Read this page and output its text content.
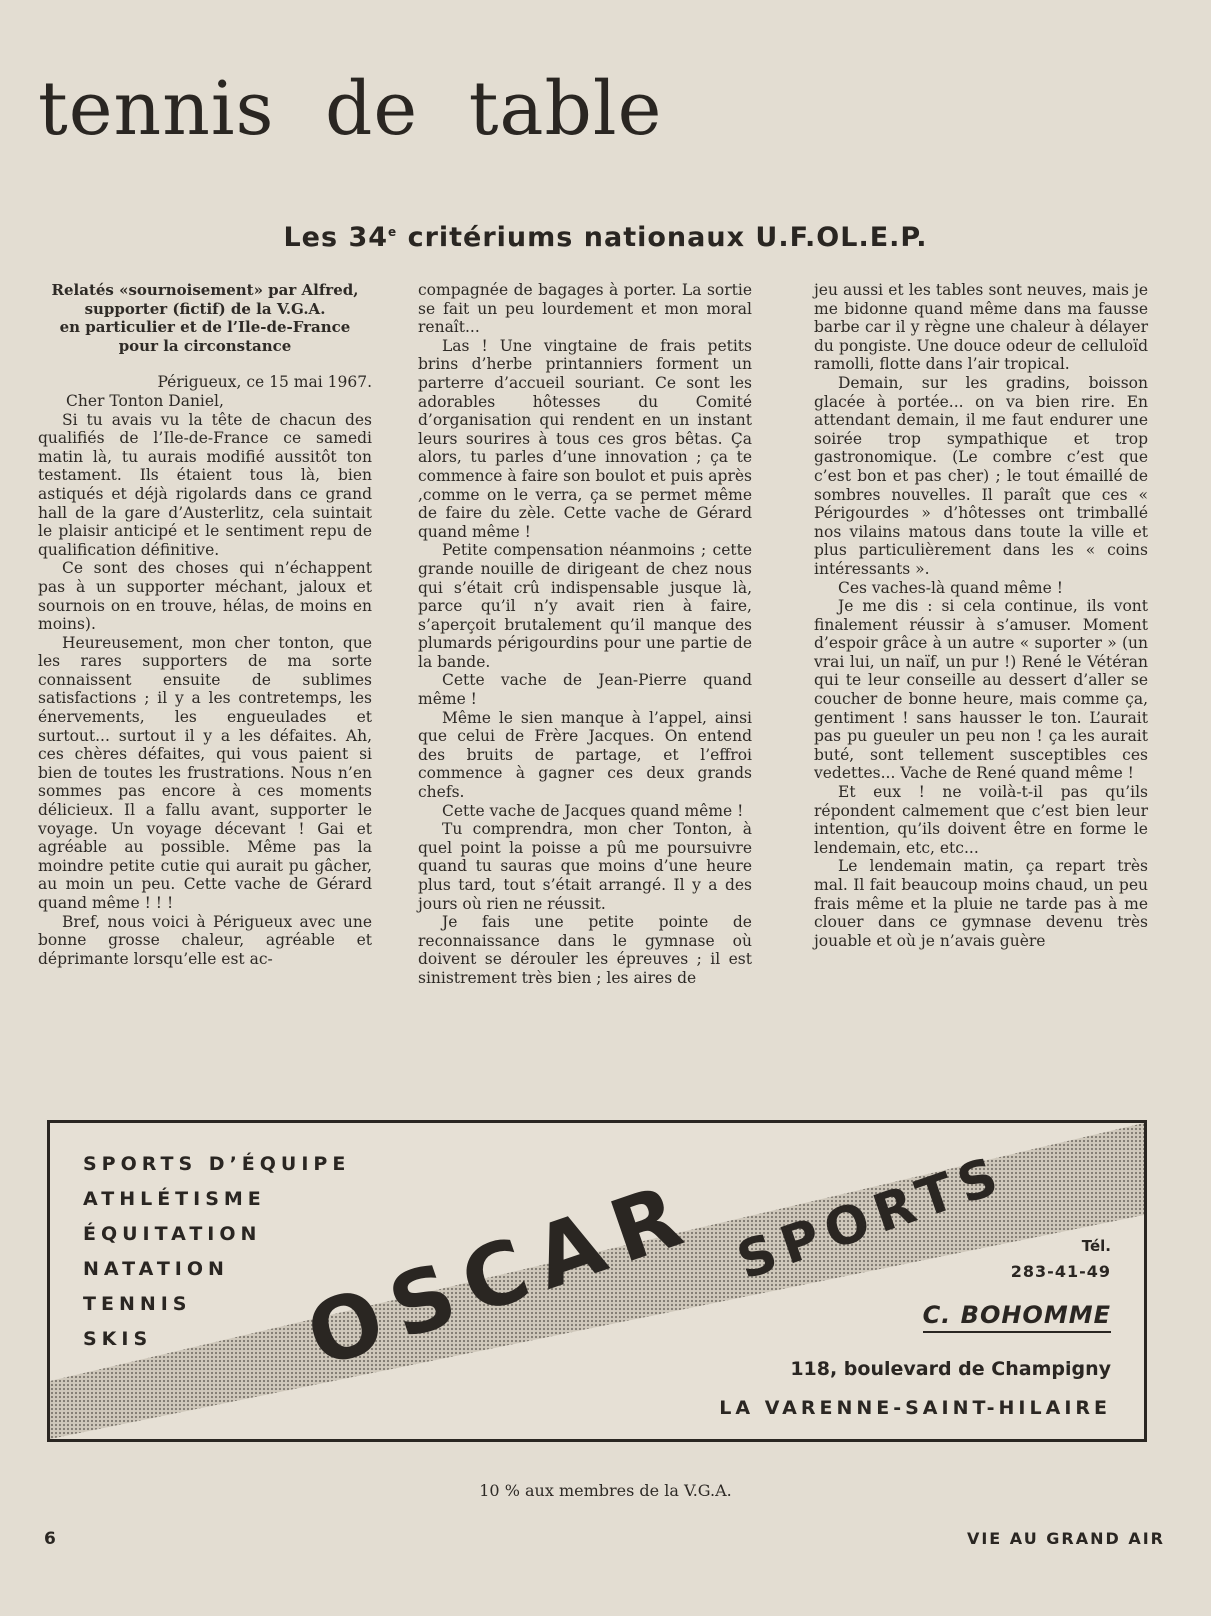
tennis de table
Les 34e critériums nationaux U.F.OL.E.P.
Relatés «sournoisement» par Alfred,
supporter (fictif) de la V.G.A.
en particulier et de l’Ile-de-France
pour la circonstance

Périgueux, ce 15 mai 1967.

Cher Tonton Daniel,

Si tu avais vu la tête de chacun des qualifiés de l’Ile-de-France ce samedi matin là, tu aurais modifié aussitôt ton testament. Ils étaient tous là, bien astiqués et déjà rigolards dans ce grand hall de la gare d’Austerlitz, cela suintait le plaisir anticipé et le sentiment repu de qualification définitive.

Ce sont des choses qui n’échappent pas à un supporter méchant, jaloux et sournois on en trouve, hélas, de moins en moins).

Heureusement, mon cher tonton, que les rares supporters de ma sorte connaissent ensuite de sublimes satisfactions ; il y a les contretemps, les énervements, les engueulades et surtout... surtout il y a les défaites. Ah, ces chères défaites, qui vous paient si bien de toutes les frustrations. Nous n’en sommes pas encore à ces moments délicieux. Il a fallu avant, supporter le voyage. Un voyage décevant ! Gai et agréable au possible. Même pas la moindre petite cutie qui aurait pu gâcher, au moin un peu. Cette vache de Gérard quand même ! ! !

Bref, nous voici à Périgueux avec une bonne grosse chaleur, agréable et déprimante lorsqu’elle est ac-

compagnée de bagages à porter. La sortie se fait un peu lourdement et mon moral renaît...

Las ! Une vingtaine de frais petits brins d’herbe printanniers forment un parterre d’accueil souriant. Ce sont les adorables hôtesses du Comité d’organisation qui rendent en un instant leurs sourires à tous ces gros bêtas. Ça alors, tu parles d’une innovation ; ça te commence à faire son boulot et puis après ,comme on le verra, ça se permet même de faire du zèle. Cette vache de Gérard quand même !

Petite compensation néanmoins ; cette grande nouille de dirigeant de chez nous qui s’était crû indispensable jusque là, parce qu’il n’y avait rien à faire, s’aperçoit brutalement qu’il manque des plumards périgourdins pour une partie de la bande.

Cette vache de Jean-Pierre quand même !

Même le sien manque à l’appel, ainsi que celui de Frère Jacques. On entend des bruits de partage, et l’effroi commence à gagner ces deux grands chefs.

Cette vache de Jacques quand même !

Tu comprendra, mon cher Tonton, à quel point la poisse a pû me poursuivre quand tu sauras que moins d’une heure plus tard, tout s’était arrangé. Il y a des jours où rien ne réussit.

Je fais une petite pointe de reconnaissance dans le gymnase où doivent se dérouler les épreuves ; il est sinistrement très bien ; les aires de

jeu aussi et les tables sont neuves, mais je me bidonne quand même dans ma fausse barbe car il y règne une chaleur à délayer du pongiste. Une douce odeur de celluloïd ramolli, flotte dans l’air tropical.

Demain, sur les gradins, boisson glacée à portée... on va bien rire. En attendant demain, il me faut endurer une soirée trop sympathique et trop gastronomique. (Le combre c’est que c’est bon et pas cher) ; le tout émaillé de sombres nouvelles. Il paraît que ces « Périgourdes » d’hôtesses ont trimballé nos vilains matous dans toute la ville et plus particulièrement dans les « coins intéressants ».

Ces vaches-là quand même !

Je me dis : si cela continue, ils vont finalement réussir à s’amuser. Moment d’espoir grâce à un autre « suporter » (un vrai lui, un naïf, un pur !) René le Vétéran qui te leur conseille au dessert d’aller se coucher de bonne heure, mais comme ça, gentiment ! sans hausser le ton. L’aurait pas pu gueuler un peu non ! ça les aurait buté, sont tellement susceptibles ces vedettes... Vache de René quand même !

Et eux ! ne voilà-t-il pas qu’ils répondent calmement que c’est bien leur intention, qu’ils doivent être en forme le lendemain, etc, etc...

Le lendemain matin, ça repart très mal. Il fait beaucoup moins chaud, un peu frais même et la pluie ne tarde pas à me clouer dans ce gymnase devenu très jouable et où je n’avais guère

SPORTS D’ÉQUIPE
ATHLÉTISME
ÉQUITATION
NATATION
TENNIS
SKIS	OSCAR SPORTS	Tél.
283-41-49
C. BOHOMME
118, boulevard de Champigny
LA VARENNE-SAINT-HILAIRE
10 % aux membres de la V.G.A.
6	VIE AU GRAND AIR
